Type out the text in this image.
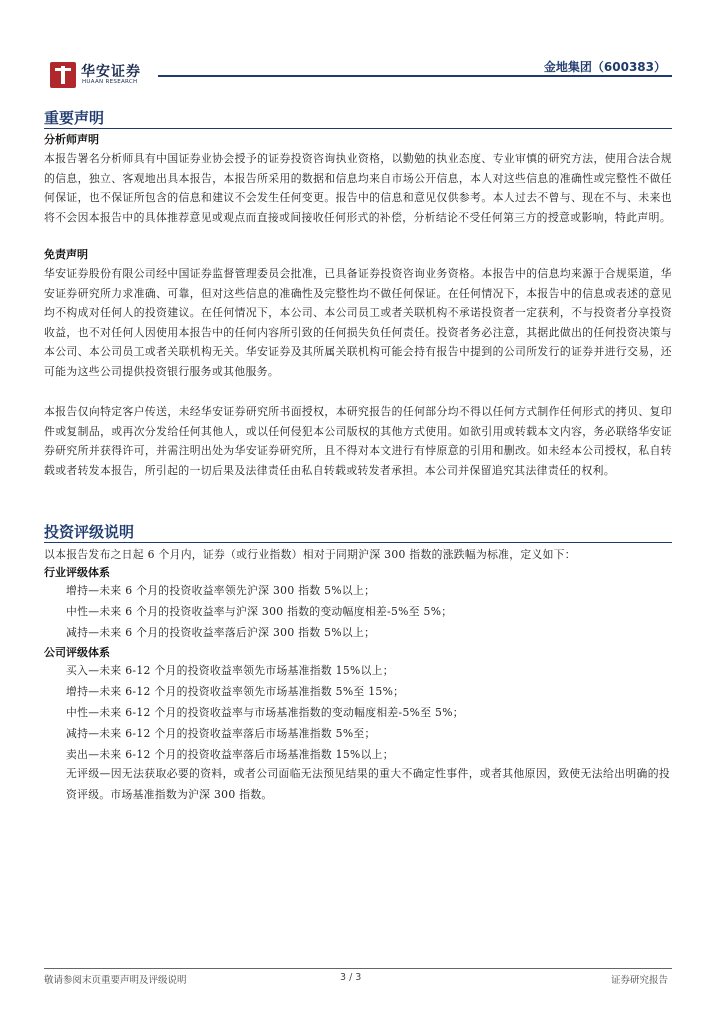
华安证券
HUAAN RESEARCH
金地集团（600383）
重要声明
分析师声明

本报告署名分析师具有中国证券业协会授予的证券投资咨询执业资格，以勤勉的执业态度、专业审慎的研究方法，使用合法合规的信息，独立、客观地出具本报告，本报告所采用的数据和信息均来自市场公开信息，本人对这些信息的准确性或完整性不做任何保证，也不保证所包含的信息和建议不会发生任何变更。报告中的信息和意见仅供参考。本人过去不曾与、现在不与、未来也将不会因本报告中的具体推荐意见或观点而直接或间接收任何形式的补偿，分析结论不受任何第三方的授意或影响，特此声明。

免责声明

华安证券股份有限公司经中国证券监督管理委员会批准，已具备证券投资咨询业务资格。本报告中的信息均来源于合规渠道，华安证券研究所力求准确、可靠，但对这些信息的准确性及完整性均不做任何保证。在任何情况下，本报告中的信息或表述的意见均不构成对任何人的投资建议。在任何情况下，本公司、本公司员工或者关联机构不承诺投资者一定获利，不与投资者分享投资收益，也不对任何人因使用本报告中的任何内容所引致的任何损失负任何责任。投资者务必注意，其据此做出的任何投资决策与本公司、本公司员工或者关联机构无关。华安证券及其所属关联机构可能会持有报告中提到的公司所发行的证券并进行交易，还可能为这些公司提供投资银行服务或其他服务。

本报告仅向特定客户传送，未经华安证券研究所书面授权，本研究报告的任何部分均不得以任何方式制作任何形式的拷贝、复印件或复制品，或再次分发给任何其他人，或以任何侵犯本公司版权的其他方式使用。如欲引用或转载本文内容，务必联络华安证券研究所并获得许可，并需注明出处为华安证券研究所，且不得对本文进行有悖原意的引用和删改。如未经本公司授权，私自转载或者转发本报告，所引起的一切后果及法律责任由私自转载或转发者承担。本公司并保留追究其法律责任的权利。

投资评级说明
以本报告发布之日起 6 个月内，证券（或行业指数）相对于同期沪深 300 指数的涨跌幅为标准，定义如下：
行业评级体系
增持—未来 6 个月的投资收益率领先沪深 300 指数 5%以上；
中性—未来 6 个月的投资收益率与沪深 300 指数的变动幅度相差-5%至 5%；
减持—未来 6 个月的投资收益率落后沪深 300 指数 5%以上；
公司评级体系
买入—未来 6-12 个月的投资收益率领先市场基准指数 15%以上；
增持—未来 6-12 个月的投资收益率领先市场基准指数 5%至 15%；
中性—未来 6-12 个月的投资收益率与市场基准指数的变动幅度相差-5%至 5%；
减持—未来 6-12 个月的投资收益率落后市场基准指数 5%至；
卖出—未来 6-12 个月的投资收益率落后市场基准指数 15%以上；

无评级—因无法获取必要的资料，或者公司面临无法预见结果的重大不确定性事件，或者其他原因，致使无法给出明确的投资评级。市场基准指数为沪深 300 指数。

敬请参阅末页重要声明及评级说明	3 / 3	证券研究报告
